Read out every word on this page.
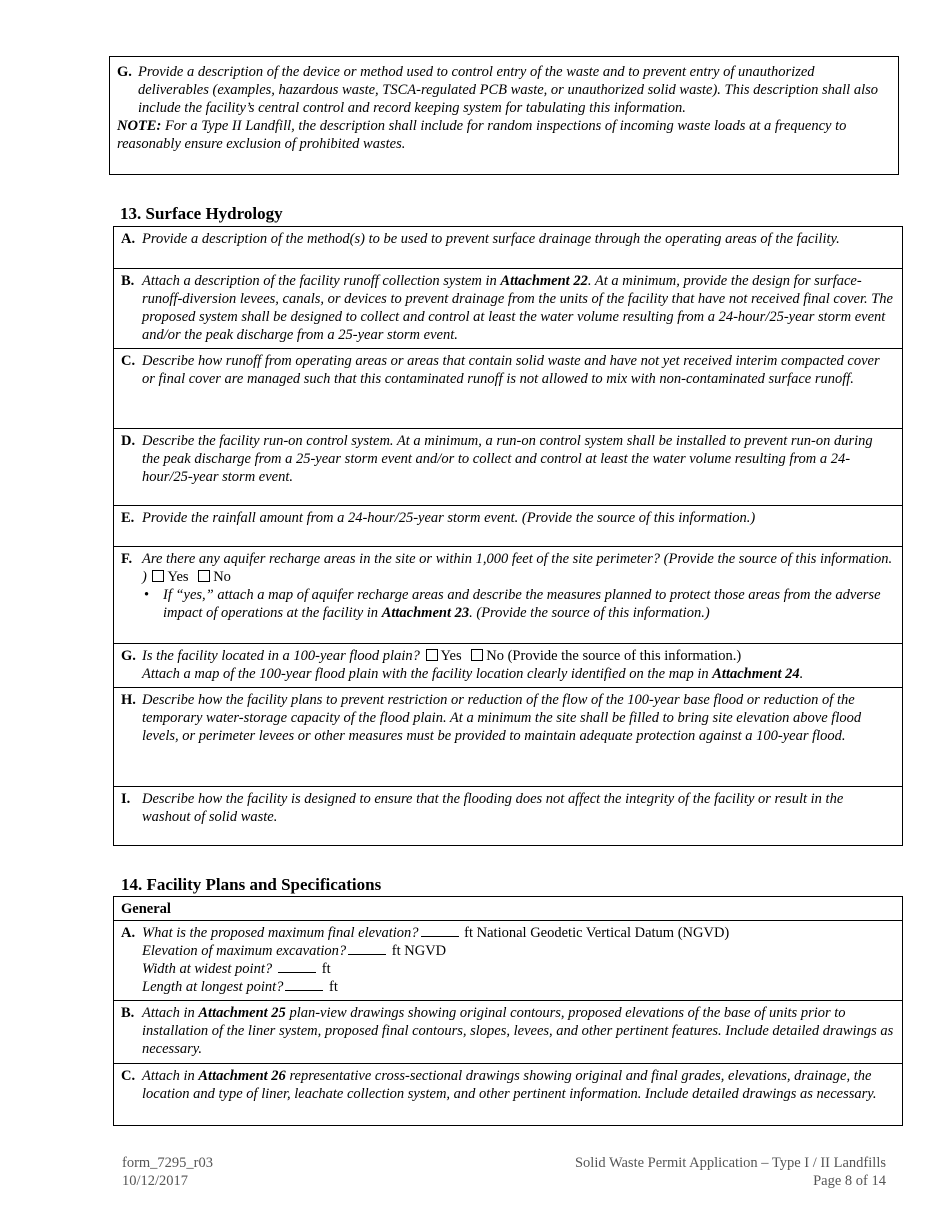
G. Provide a description of the device or method used to control entry of the waste and to prevent entry of unauthorized deliverables (examples, hazardous waste, TSCA-regulated PCB waste, or unauthorized solid waste). This description shall also include the facility’s central control and record keeping system for tabulating this information.
NOTE: For a Type II Landfill, the description shall include for random inspections of incoming waste loads at a frequency to reasonably ensure exclusion of prohibited wastes.
13. Surface Hydrology
A. Provide a description of the method(s) to be used to prevent surface drainage through the operating areas of the facility.
B. Attach a description of the facility runoff collection system in Attachment 22. At a minimum, provide the design for surface-runoff-diversion levees, canals, or devices to prevent drainage from the units of the facility that have not received final cover. The proposed system shall be designed to collect and control at least the water volume resulting from a 24-hour/25-year storm event and/or the peak discharge from a 25-year storm event.
C. Describe how runoff from operating areas or areas that contain solid waste and have not yet received interim compacted cover or final cover are managed such that this contaminated runoff is not allowed to mix with non-contaminated surface runoff.
D. Describe the facility run-on control system. At a minimum, a run-on control system shall be installed to prevent run-on during the peak discharge from a 25-year storm event and/or to collect and control at least the water volume resulting from a 24-hour/25-year storm event.
E. Provide the rainfall amount from a 24-hour/25-year storm event. (Provide the source of this information.)
F. Are there any aquifer recharge areas in the site or within 1,000 feet of the site perimeter? (Provide the source of this information. ) Yes No
• If “yes,” attach a map of aquifer recharge areas and describe the measures planned to protect those areas from the adverse impact of operations at the facility in Attachment 23. (Provide the source of this information.)
G. Is the facility located in a 100-year flood plain? Yes No (Provide the source of this information.)
Attach a map of the 100-year flood plain with the facility location clearly identified on the map in Attachment 24.
H. Describe how the facility plans to prevent restriction or reduction of the flow of the 100-year base flood or reduction of the temporary water-storage capacity of the flood plain. At a minimum the site shall be filled to bring site elevation above flood levels, or perimeter levees or other measures must be provided to maintain adequate protection against a 100-year flood.
I. Describe how the facility is designed to ensure that the flooding does not affect the integrity of the facility or result in the washout of solid waste.
14. Facility Plans and Specifications
General
A. What is the proposed maximum final elevation?	ft National Geodetic Vertical Datum (NGVD)
Elevation of maximum excavation?	ft NGVD
Width at widest point?	ft
Length at longest point?	ft
B. Attach in Attachment 25 plan-view drawings showing original contours, proposed elevations of the base of units prior to installation of the liner system, proposed final contours, slopes, levees, and other pertinent features. Include detailed drawings as necessary.
C. Attach in Attachment 26 representative cross-sectional drawings showing original and final grades, elevations, drainage, the location and type of liner, leachate collection system, and other pertinent information. Include detailed drawings as necessary.
form_7295_r03
10/12/2017
Solid Waste Permit Application – Type I / II Landfills
Page 8 of 14
